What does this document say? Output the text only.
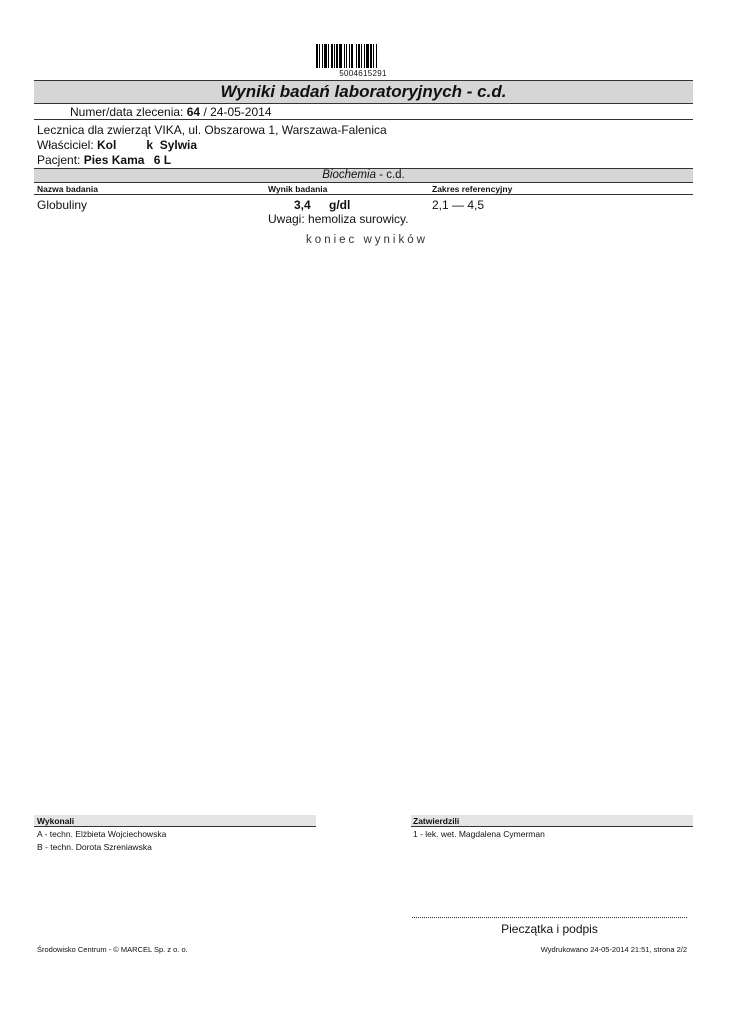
5004615291
Wyniki badań laboratoryjnych - c.d.
Numer/data zlecenia: 64 / 24-05-2014
Lecznica dla zwierząt VIKA, ul. Obszarowa 1, Warszawa-Falenica
Właściciel: Kol         k  Sylwia
Pacjent: Pies Kama 6 L
Biochemia - c.d.
Nazwa badania	Wynik badania	Zakres referencyjny
Globuliny	3,4 g/dl	2,1 — 4,5
Uwagi: hemoliza surowicy.
koniec wyników
Wykonali	Zatwierdzili
A - techn. Elżbieta Wojciechowska
B - techn. Dorota Szreniawska
1 - lek. wet. Magdalena Cymerman
Pieczątka i podpis
Środowisko Centrum - © MARCEL Sp. z o. o.	Wydrukowano 24-05-2014 21:51, strona 2/2
